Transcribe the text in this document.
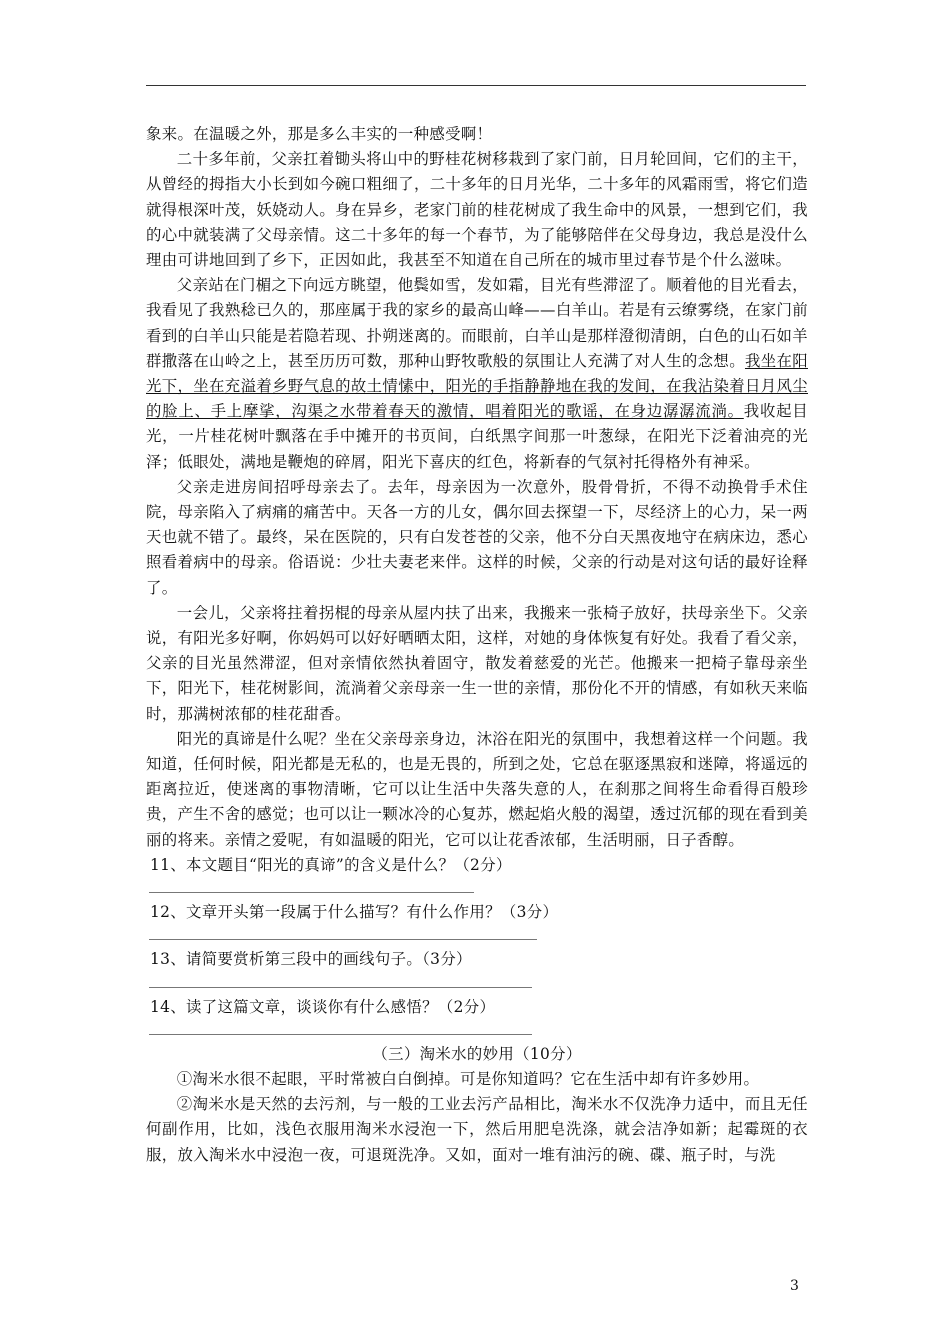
象来。在温暖之外，那是多么丰实的一种感受啊！

二十多年前，父亲扛着锄头将山中的野桂花树移栽到了家门前，日月轮回间，它们的主干，从曾经的拇指大小长到如今碗口粗细了，二十多年的日月光华，二十多年的风霜雨雪，将它们造就得根深叶茂，妖娆动人。身在异乡，老家门前的桂花树成了我生命中的风景，一想到它们，我的心中就装满了父母亲情。这二十多年的每一个春节，为了能够陪伴在父母身边，我总是没什么理由可讲地回到了乡下，正因如此，我甚至不知道在自己所在的城市里过春节是个什么滋味。

父亲站在门楣之下向远方眺望，他鬓如雪，发如霜，目光有些滞涩了。顺着他的目光看去，我看见了我熟稔已久的，那座属于我的家乡的最高山峰——白羊山。若是有云缭雾绕，在家门前看到的白羊山只能是若隐若现、扑朔迷离的。而眼前，白羊山是那样澄彻清朗，白色的山石如羊群撒落在山岭之上，甚至历历可数，那种山野牧歌般的氛围让人充满了对人生的念想。我坐在阳光下，坐在充溢着乡野气息的故土情愫中，阳光的手指静静地在我的发间，在我沾染着日月风尘的脸上、手上摩挲，沟渠之水带着春天的激情，唱着阳光的歌谣，在身边潺潺流淌。我收起目光，一片桂花树叶飘落在手中摊开的书页间，白纸黑字间那一叶葱绿，在阳光下泛着油亮的光泽；低眼处，满地是鞭炮的碎屑，阳光下喜庆的红色，将新春的气氛衬托得格外有神采。

父亲走进房间招呼母亲去了。去年，母亲因为一次意外，股骨骨折，不得不动换骨手术住院，母亲陷入了病痛的痛苦中。天各一方的儿女，偶尔回去探望一下，尽经济上的心力，呆一两天也就不错了。最终，呆在医院的，只有白发苍苍的父亲，他不分白天黑夜地守在病床边，悉心照看着病中的母亲。俗语说：少壮夫妻老来伴。这样的时候，父亲的行动是对这句话的最好诠释了。

一会儿，父亲将拄着拐棍的母亲从屋内扶了出来，我搬来一张椅子放好，扶母亲坐下。父亲说，有阳光多好啊，你妈妈可以好好晒晒太阳，这样，对她的身体恢复有好处。我看了看父亲，父亲的目光虽然滞涩，但对亲情依然执着固守，散发着慈爱的光芒。他搬来一把椅子靠母亲坐下，阳光下，桂花树影间，流淌着父亲母亲一生一世的亲情，那份化不开的情感，有如秋天来临时，那满树浓郁的桂花甜香。

阳光的真谛是什么呢？坐在父亲母亲身边，沐浴在阳光的氛围中，我想着这样一个问题。我知道，任何时候，阳光都是无私的，也是无畏的，所到之处，它总在驱逐黑寂和迷障，将遥远的距离拉近，使迷离的事物清晰，它可以让生活中失落失意的人，在刹那之间将生命看得百般珍贵，产生不舍的感觉；也可以让一颗冰冷的心复苏，燃起焰火般的渴望，透过沉郁的现在看到美丽的将来。亲情之爱呢，有如温暖的阳光，它可以让花香浓郁，生活明丽，日子香醇。

11、本文题目“阳光的真谛”的含义是什么？（2分）

12、文章开头第一段属于什么描写？有什么作用？（3分）

13、请简要赏析第三段中的画线句子。（3分）

14、读了这篇文章，谈谈你有什么感悟？（2分）

（三）淘米水的妙用（10分）

①淘米水很不起眼，平时常被白白倒掉。可是你知道吗？它在生活中却有许多妙用。

②淘米水是天然的去污剂，与一般的工业去污产品相比，淘米水不仅洗净力适中，而且无任何副作用，比如，浅色衣服用淘米水浸泡一下，然后用肥皂洗涤，就会洁净如新；起霉斑的衣服，放入淘米水中浸泡一夜，可退斑洗净。又如，面对一堆有油污的碗、碟、瓶子时，与洗

3
